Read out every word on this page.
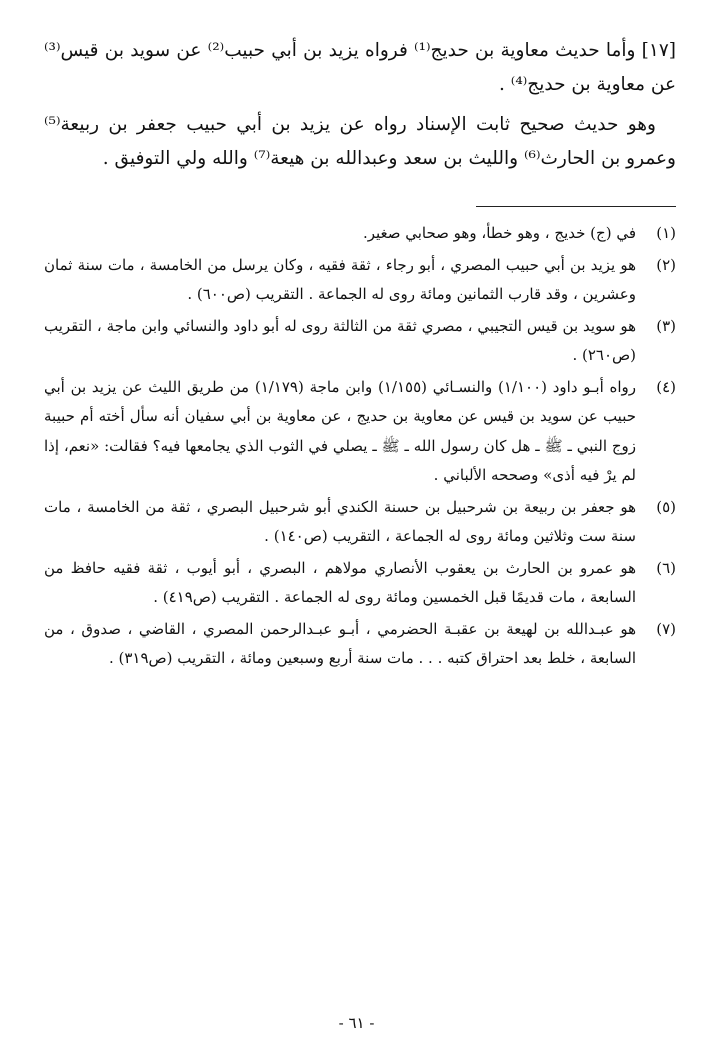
[١٧] وأما حديث معاوية بن حديج⁽¹⁾ فرواه يزيد بن أبي حبيب⁽²⁾ عن سويد بن قيس⁽³⁾ عن معاوية بن حديج⁽⁴⁾ .

وهو حديث صحيح ثابت الإسناد رواه عن يزيد بن أبي حبيب جعفر بن ربيعة⁽⁵⁾ وعمرو بن الحارث⁽⁶⁾ والليث بن سعد وعبدالله بن هيعة⁽⁷⁾ والله ولي التوفيق .

(١)
في (ج) خديج ، وهو خطأ، وهو صحابي صغير.
(٢)
هو يزيد بن أبي حبيب المصري ، أبو رجاء ، ثقة فقيه ، وكان يرسل من الخامسة ، مات سنة ثمان وعشرين ، وقد قارب الثمانين ومائة روى له الجماعة . التقريب (ص٦٠٠) .
(٣)
هو سويد بن قيس التجيبي ، مصري ثقة من الثالثة روى له أبو داود والنسائي وابن ماجة ، التقريب (ص٢٦٠) .
(٤)
رواه أبـو داود (١/١٠٠) والنسـائي (١/١٥٥) وابن ماجة (١/١٧٩) من طريق الليث عن يزيد بن أبي حبيب عن سويد بن قيس عن معاوية بن حديج ، عن معاوية بن أبي سفيان أنه سأل أخته أم حبيبة زوج النبي ـ ﷺ ـ هل كان رسول الله ـ ﷺ ـ يصلي في الثوب الذي يجامعها فيه؟ فقالت: «نعم، إذا لم يرْ فيه أذى» وصححه الألباني .
(٥)
هو جعفر بن ربيعة بن شرحبيل بن حسنة الكندي أبو شرحبيل البصري ، ثقة من الخامسة ، مات سنة ست وثلاثين ومائة روى له الجماعة ، التقريب (ص١٤٠) .
(٦)
هو عمرو بن الحارث بن يعقوب الأنصاري مولاهم ، البصري ، أبو أيوب ، ثقة فقيه حافظ من السابعة ، مات قديمًا قبل الخمسين ومائة روى له الجماعة . التقريب (ص٤١٩) .
(٧)
هو عبـدالله بن لهيعة بن عقبـة الحضرمي ، أبـو عبـدالرحمن المصري ، القاضي ، صدوق ، من السابعة ، خلط بعد احتراق كتبه . . . مات سنة أربع وسبعين ومائة ، التقريب (ص٣١٩) .
- ٦١ -
